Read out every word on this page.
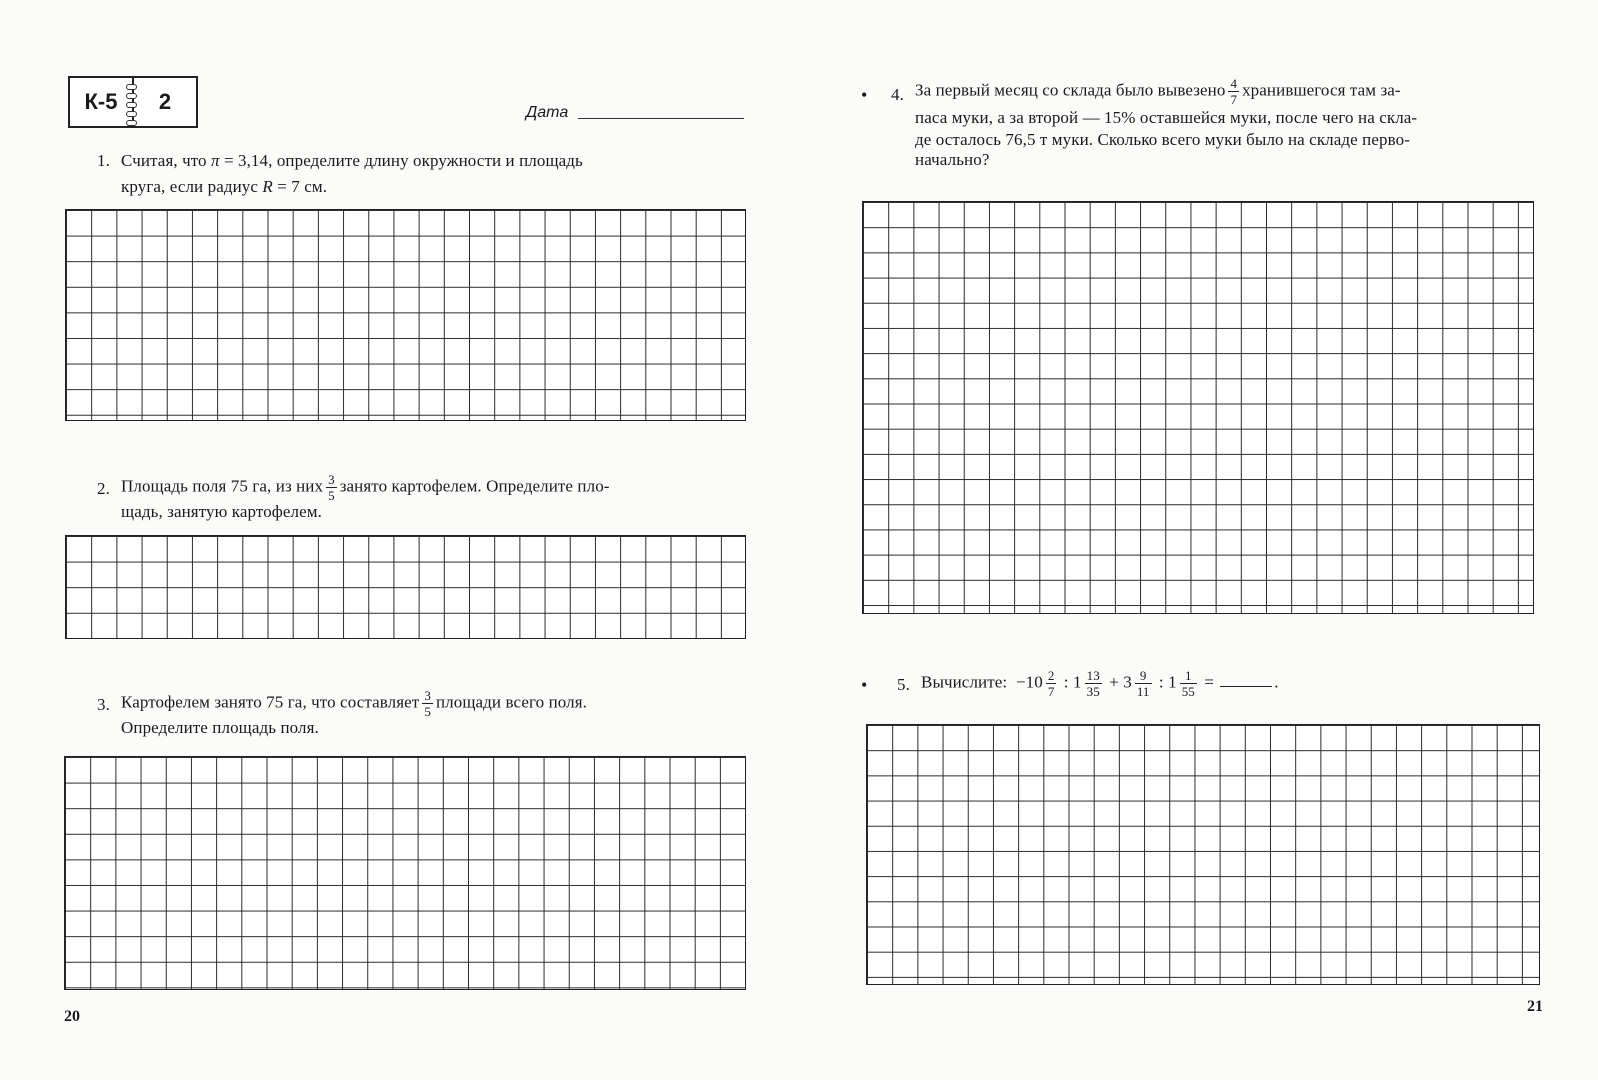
К-5	2	Дата
1. Считая, что π = 3,14, определите длину окружности и площадь
круга, если радиус R = 7 см.
2. Площадь поля 75 га, из них $\frac{3}{5}$ занято картофелем. Определите пло-
щадь, занятую картофелем.
3. Картофелем занято 75 га, что составляет $\frac{3}{5}$ площади всего поля.
Определите площадь поля.
20
• 4. За первый месяц со склада было вывезено $\frac{4}{7}$ хранившегося там за-
паса муки, а за второй — 15% оставшейся муки, после чего на скла-
де осталось 76,5 т муки. Сколько всего муки было на складе перво-
начально?
• 5. Вычислите: $-10 \frac{2}{7}$ : $1 \frac{13}{35} + 3 \frac{9}{11}$ : $1 \frac{1}{55}$ =	.
21
